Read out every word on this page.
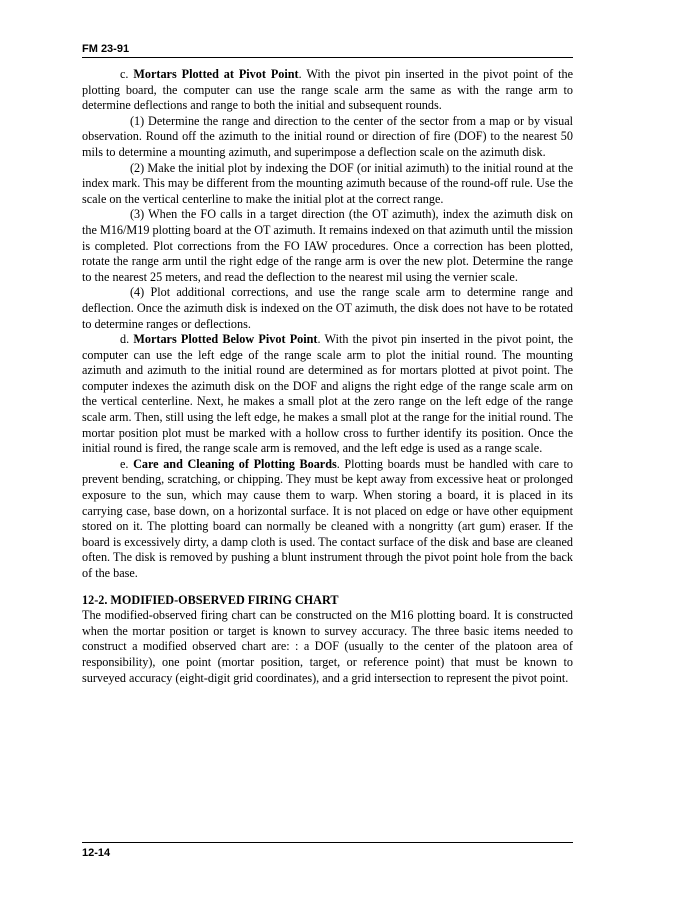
FM 23-91

c. Mortars Plotted at Pivot Point. With the pivot pin inserted in the pivot point of the plotting board, the computer can use the range scale arm the same as with the range arm to determine deflections and range to both the initial and subsequent rounds.

(1) Determine the range and direction to the center of the sector from a map or by visual observation. Round off the azimuth to the initial round or direction of fire (DOF) to the nearest 50 mils to determine a mounting azimuth, and superimpose a deflection scale on the azimuth disk.

(2) Make the initial plot by indexing the DOF (or initial azimuth) to the initial round at the index mark. This may be different from the mounting azimuth because of the round-off rule. Use the scale on the vertical centerline to make the initial plot at the correct range.

(3) When the FO calls in a target direction (the OT azimuth), index the azimuth disk on the M16/M19 plotting board at the OT azimuth. It remains indexed on that azimuth until the mission is completed. Plot corrections from the FO IAW procedures. Once a correction has been plotted, rotate the range arm until the right edge of the range arm is over the new plot. Determine the range to the nearest 25 meters, and read the deflection to the nearest mil using the vernier scale.

(4) Plot additional corrections, and use the range scale arm to determine range and deflection. Once the azimuth disk is indexed on the OT azimuth, the disk does not have to be rotated to determine ranges or deflections.

d. Mortars Plotted Below Pivot Point. With the pivot pin inserted in the pivot point, the computer can use the left edge of the range scale arm to plot the initial round. The mounting azimuth and azimuth to the initial round are determined as for mortars plotted at pivot point. The computer indexes the azimuth disk on the DOF and aligns the right edge of the range scale arm on the vertical centerline. Next, he makes a small plot at the zero range on the left edge of the range scale arm. Then, still using the left edge, he makes a small plot at the range for the initial round. The mortar position plot must be marked with a hollow cross to further identify its position. Once the initial round is fired, the range scale arm is removed, and the left edge is used as a range scale.

e. Care and Cleaning of Plotting Boards. Plotting boards must be handled with care to prevent bending, scratching, or chipping. They must be kept away from excessive heat or prolonged exposure to the sun, which may cause them to warp. When storing a board, it is placed in its carrying case, base down, on a horizontal surface. It is not placed on edge or have other equipment stored on it. The plotting board can normally be cleaned with a nongritty (art gum) eraser. If the board is excessively dirty, a damp cloth is used. The contact surface of the disk and base are cleaned often. The disk is removed by pushing a blunt instrument through the pivot point hole from the back of the base.

12-2. MODIFIED-OBSERVED FIRING CHART

The modified-observed firing chart can be constructed on the M16 plotting board. It is constructed when the mortar position or target is known to survey accuracy. The three basic items needed to construct a modified observed chart are: : a DOF (usually to the center of the platoon area of responsibility), one point (mortar position, target, or reference point) that must be known to surveyed accuracy (eight-digit grid coordinates), and a grid intersection to represent the pivot point.

12-14
